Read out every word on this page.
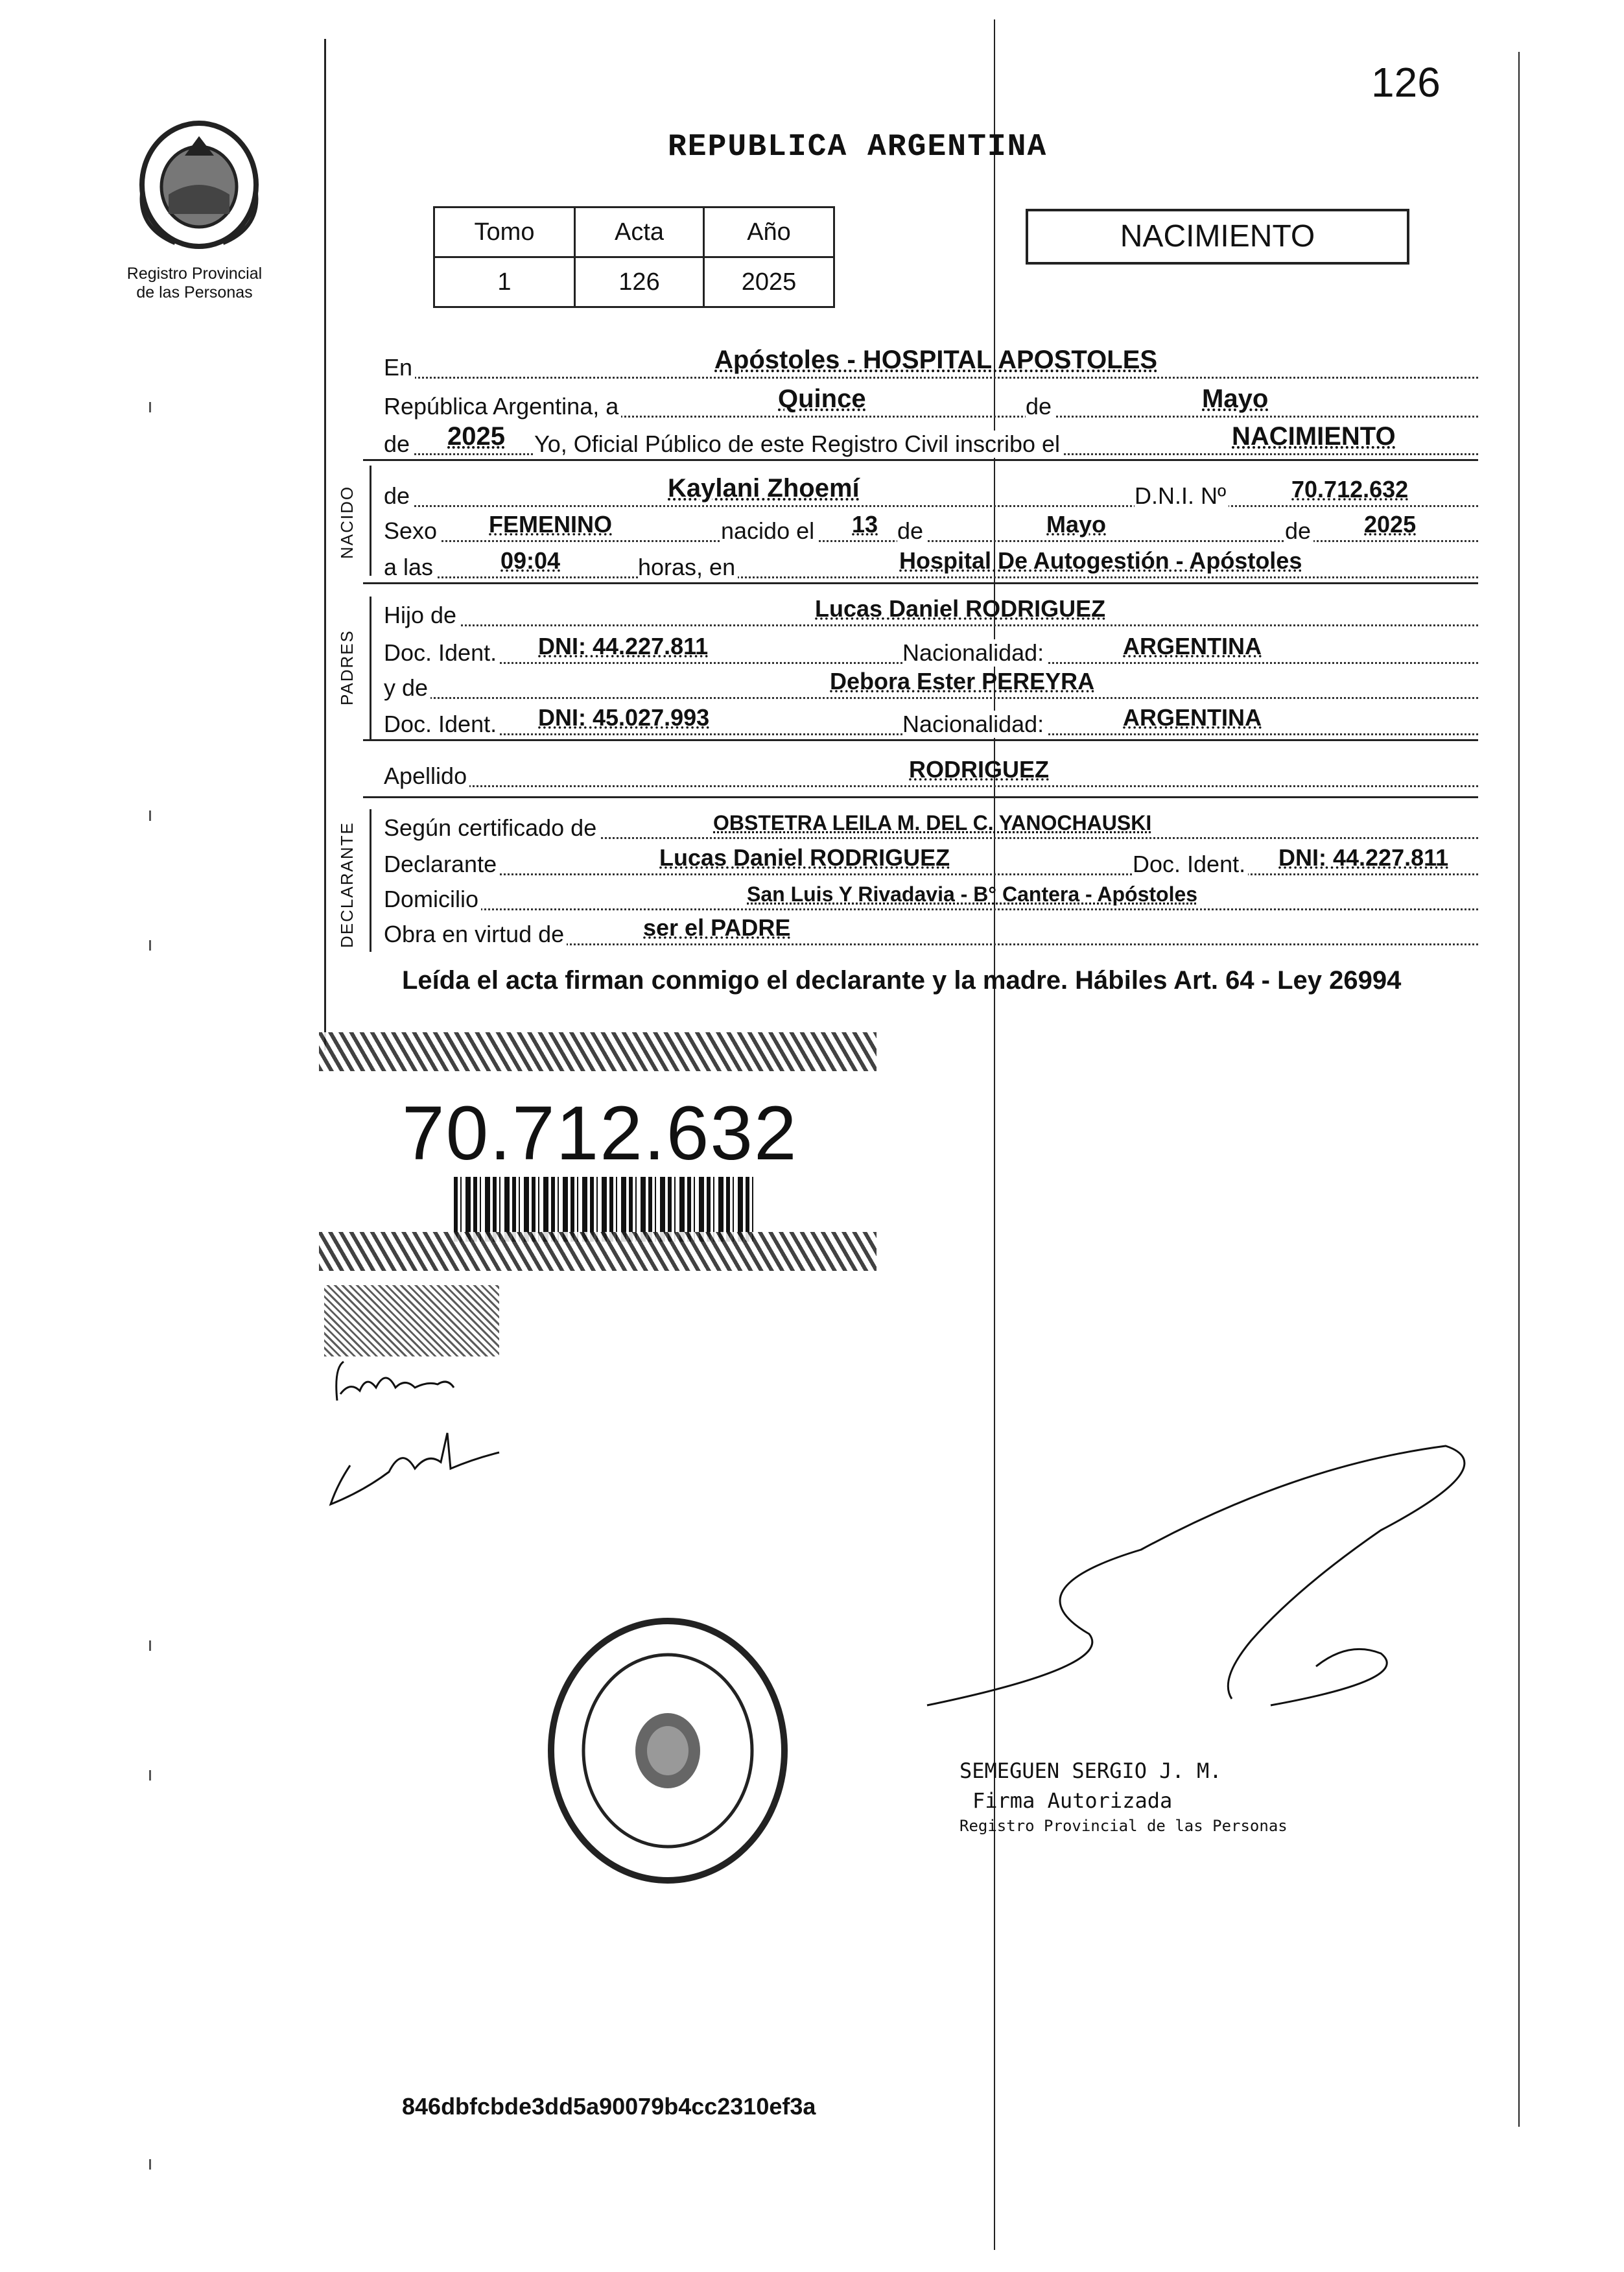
126
Registro Provincial
de las Personas
REPUBLICA ARGENTINA
Tomo	Acta	Año
1	126	2025
NACIMIENTO
En	Apóstoles - HOSPITAL APOSTOLES
República Argentina, a	Quince	de	Mayo
de 2025 Yo, Oficial Público de este Registro Civil inscribo el	NACIMIENTO
NACIDO de	Kaylani Zhoemí	D.N.I. Nº	70.712.632
Sexo FEMENINO	nacido el 13 de	Mayo	de 2025
a las	09:04	horas, en	Hospital De Autogestión - Apóstoles
PADRES
Hijo de	Lucas Daniel RODRIGUEZ
Doc. Ident. DNI: 44.227.811	Nacionalidad:	ARGENTINA
y de	Debora Ester PEREYRA
Doc. Ident. DNI: 45.027.993	Nacionalidad:	ARGENTINA
Apellido	RODRIGUEZ
DECLARANTE Según certificado de	OBSTETRA LEILA M. DEL C. YANOCHAUSKI
Declarante	Lucas Daniel RODRIGUEZ	Doc. Ident. DNI: 44.227.811
Domicilio	San Luis Y Rivadavia - B° Cantera - Apóstoles
Obra en virtud de	ser el PADRE
Leída el acta firman conmigo el declarante y la madre. Hábiles Art. 64 - Ley 26994
70.712.632
SEMEGUEN SERGIO J. M.
Firma Autorizada
Registro Provincial de las Personas
846dbfcbde3dd5a90079b4cc2310ef3a
